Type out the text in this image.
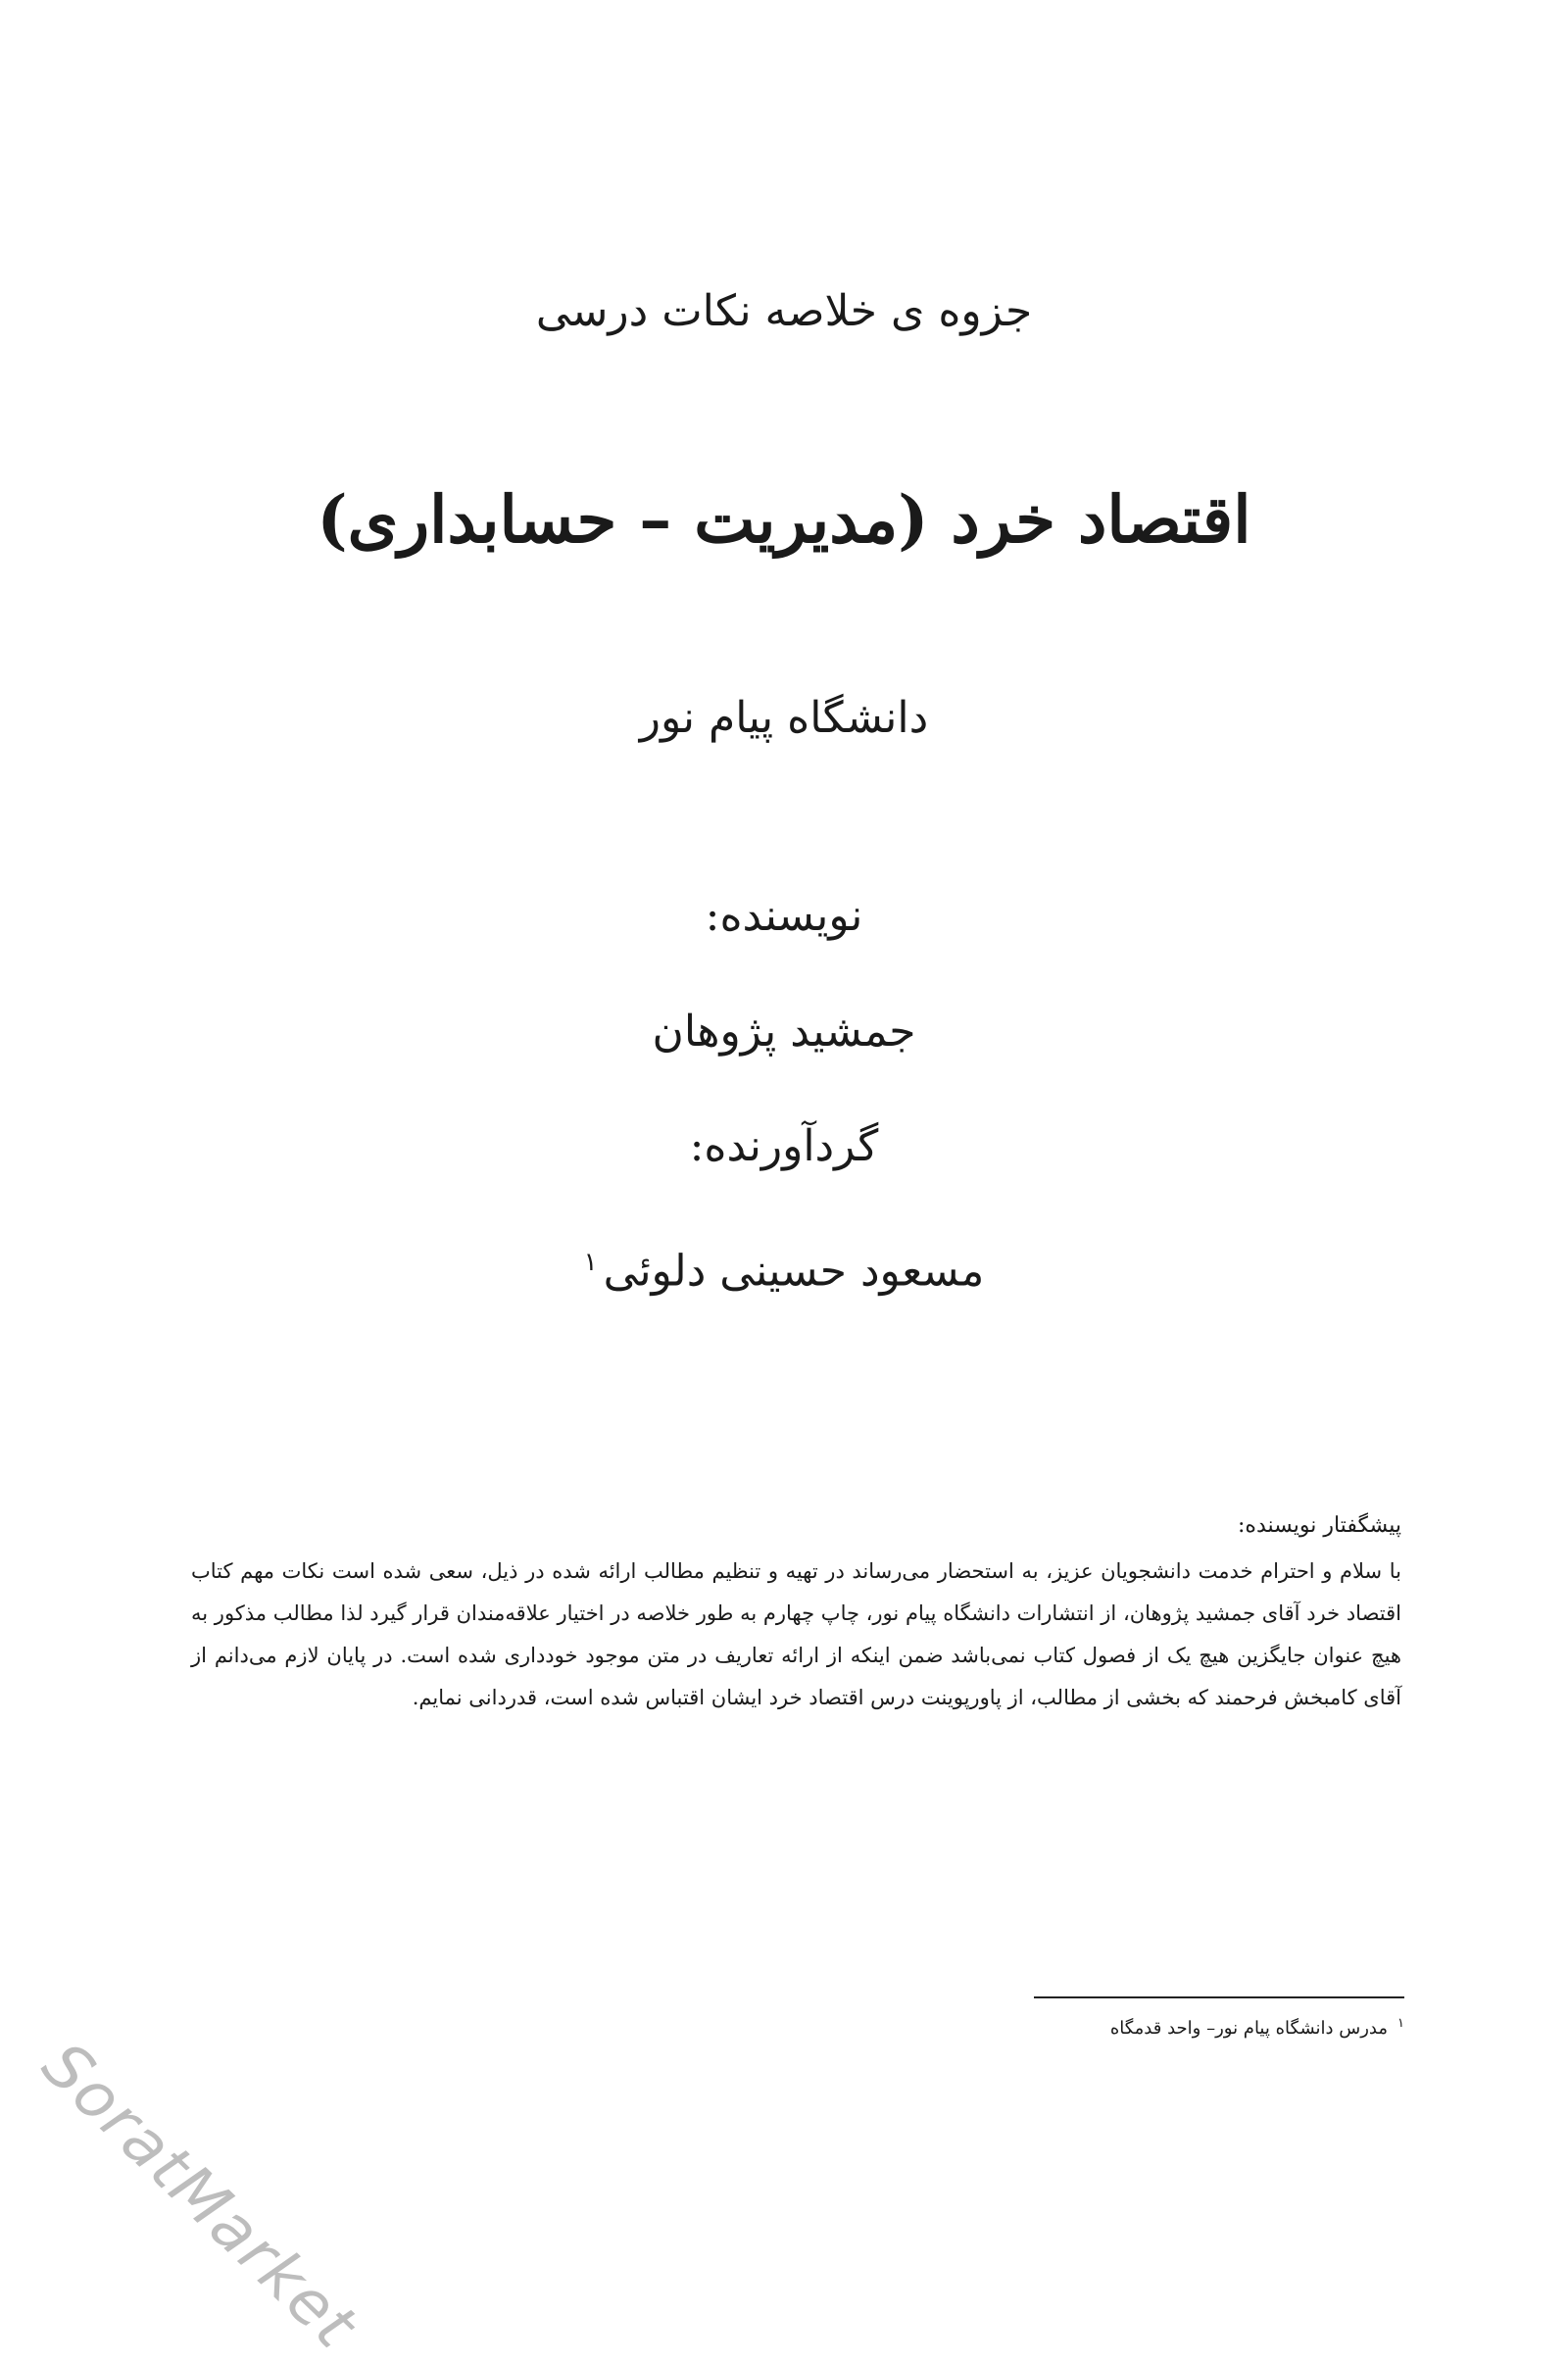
جزوه ی خلاصه نکات درسی
اقتصاد خرد (مدیریت – حسابداری)
دانشگاه پیام نور
نویسنده:
جمشید پژوهان
گردآورنده:
مسعود حسینی دلوئی$^۱$
پیشگفتار نویسنده:

با سلام و احترام خدمت دانشجویان عزیز، به استحضار می‌رساند در تهیه و تنظیم مطالب ارائه شده در ذیل، سعی شده است نکات مهم کتاب اقتصاد خرد آقای جمشید پژوهان، از انتشارات دانشگاه پیام نور، چاپ چهارم به طور خلاصه در اختیار علاقه‌مندان قرار گیرد لذا مطالب مذکور به هیچ عنوان جایگزین هیچ یک از فصول کتاب نمی‌باشد ضمن اینکه از ارائه تعاریف در متن موجود خودداری شده است. در پایان لازم می‌دانم از آقای کامبخش فرحمند که بخشی از مطالب، از پاورپوینت درس اقتصاد خرد ایشان اقتباس شده است، قدردانی نمایم.

$^۱$مدرس دانشگاه پیام نور– واحد قدمگاه
SoratMarket
